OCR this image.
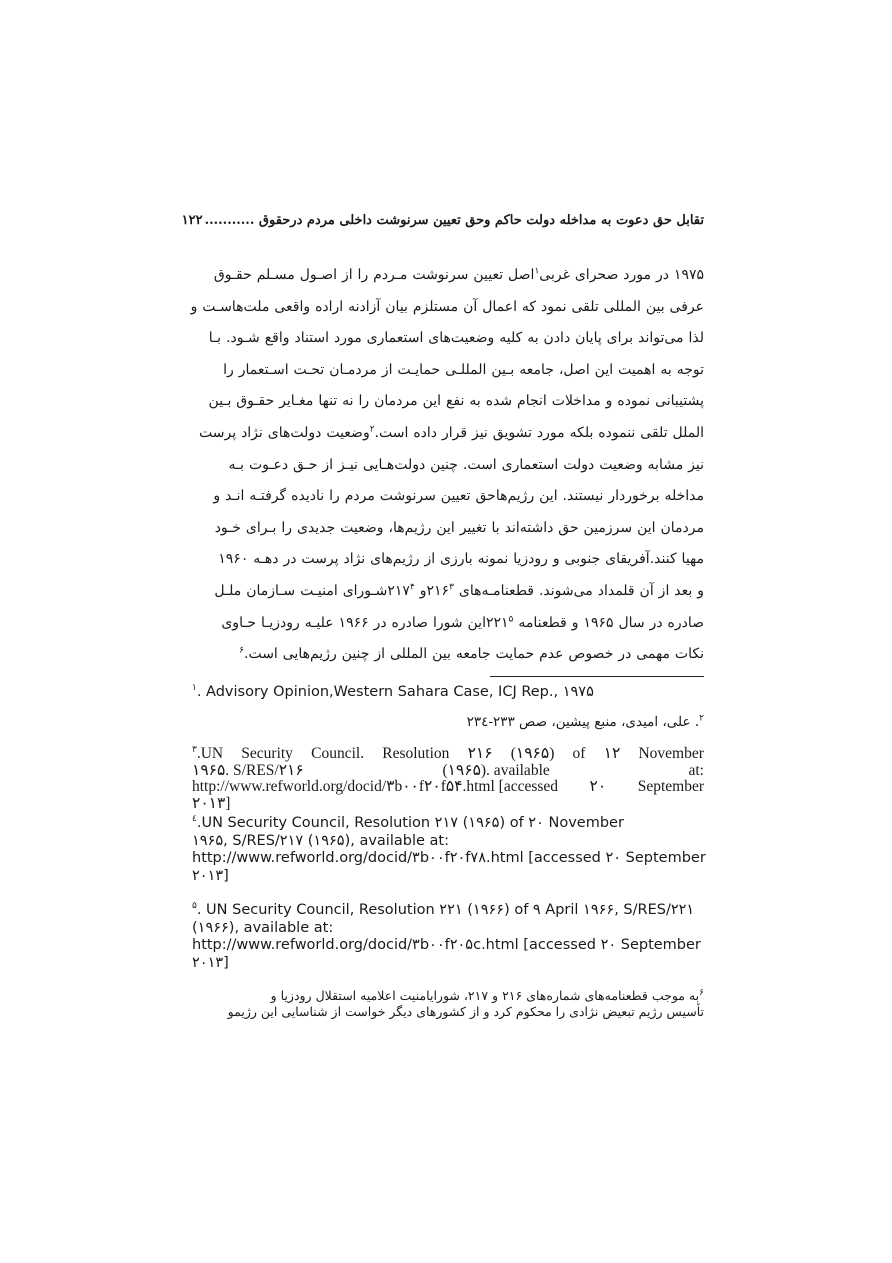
تقابل حق دعوت به مداخله دولت حاکم وحق تعیین سرنوشت داخلی مردم درحقوق ...........۱۲۲
۱۹۷۵ در مورد صحرای غربی$^۱$اصل تعیین سرنوشت مـردم را از اصـول مسـلم حقـوق
عرفی بین المللی تلقی نمود که اعمال آن مستلزم بیان آزادنه اراده واقعی ملت‌هاسـت و
لذا می‌تواند برای پایان دادن به کلیه وضعیت‌های استعماری مورد استناد واقع شـود. بـا
توجه به اهمیت این اصل، جامعه بـین المللـی حمایـت از مردمـان تحـت اسـتعمار را
پشتیبانی نموده و مداخلات انجام شده به نفع این مردمان را نه تنها مغـایر حقـوق بـین
الملل تلقی ننموده بلکه مورد تشویق نیز قرار داده است.$^۲$وضعیت دولت‌های نژاد پرست
نیز مشابه وضعیت دولت استعماری است. چنین دولت‌هـایی نیـز از حـق دعـوت بـه
مداخله برخوردار نیستند. این رژیم‌هاحق تعیین سرنوشت مردم را نادیده گرفتـه انـد و
مردمان این سرزمین حق داشته‌اند با تغییر این رژیم‌ها، وضعیت جدیدی را بـرای خـود
مهیا کنند.آفریقای جنوبی و رودزیا نمونه بارزی از رژیم‌های نژاد پرست در دهـه ۱۹۶۰
و بعد از آن قلمداد می‌شوند. قطعنامـه‌های $۲۱۶^۳و$ $۲۱۷^۴شـورای$ امنیـت سـازمان ملـل
صادره در سال ۱۹۶۵ و قطعنامه $۲۲۱^۵این$ شورا صادره در ۱۹۶۶ علیـه رودزیـا حـاوی
نکات مهمی در خصوص عدم حمایت جامعه بین المللی از چنین رژیم‌هایی است.$^۶$
$^۱$. Advisory Opinion,Western Sahara Case, ICJ Rep., ۱۹۷۵
$^۲$. علی، امیدی، منبع پیشین، صص ۲۳۳-۲۳٤
$^۳$.UN Security Council. Resolution ۲۱۶ (۱۹۶۵) of ۱۲ November
۱۹۶۵. S/RES/۲۱۶	(۱۹۶۵). available	at:
http://www.refworld.org/docid/۳b۰۰f۲۰f۵۴.html [accessed ۲۰ September
۲۰۱۳]
$^٤$.UN Security Council, Resolution ۲۱۷ (۱۹۶۵) of ۲۰ November
۱۹۶۵, S/RES/۲۱۷ (۱۹۶۵), available at:
http://www.refworld.org/docid/۳b۰۰f۲۰f۷۸.html [accessed ۲۰ September
۲۰۱۳]
$^۵$. UN Security Council, Resolution ۲۲۱ (۱۹۶۶) of ۹ April ۱۹۶۶, S/RES/۲۲۱
(۱۹۶۶), available at:
http://www.refworld.org/docid/۳b۰۰f۲۰۵c.html [accessed ۲۰ September
۲۰۱۳]
$^۶$به موجب قطعنامه‌های شماره‌های ۲۱۶ و ۲۱۷، شورایامنیت اعلامیه استقلال رودزیا و
تأسیس رژیم تبعیض نژادی را محکوم کرد و از کشورهای دیگر خواست از شناسایی این رژیمو
